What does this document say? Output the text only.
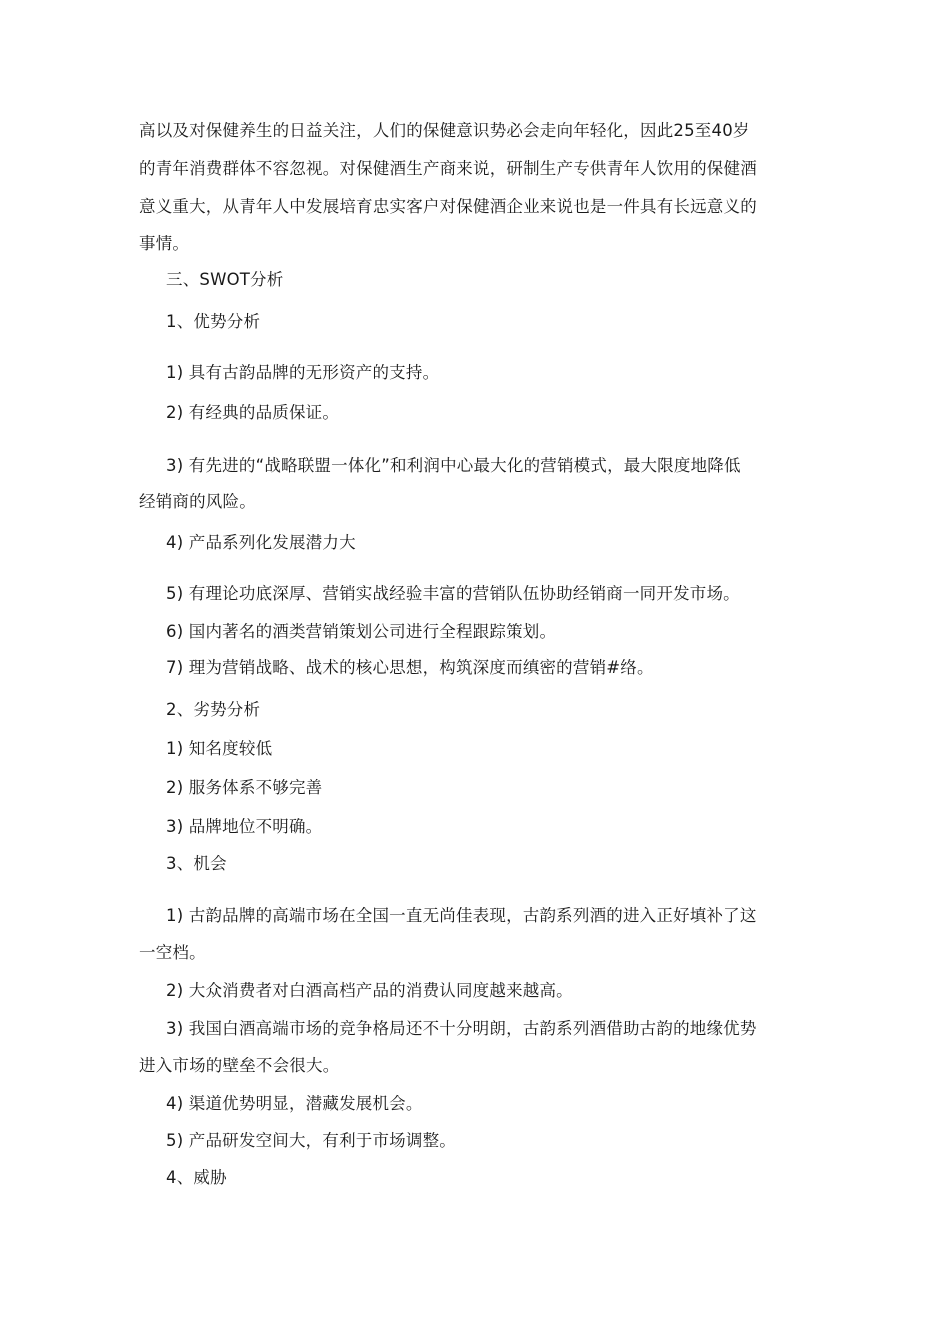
高以及对保健养生的日益关注，人们的保健意识势必会走向年轻化，因此25至40岁
的青年消费群体不容忽视。对保健酒生产商来说，研制生产专供青年人饮用的保健酒
意义重大，从青年人中发展培育忠实客户对保健酒企业来说也是一件具有长远意义的
事情。
三、SWOT分析
1、优势分析
1) 具有古韵品牌的无形资产的支持。
2) 有经典的品质保证。
3) 有先进的“战略联盟一体化”和利润中心最大化的营销模式，最大限度地降低
经销商的风险。
4) 产品系列化发展潜力大
5) 有理论功底深厚、营销实战经验丰富的营销队伍协助经销商一同开发市场。
6) 国内著名的酒类营销策划公司进行全程跟踪策划。
7) 理为营销战略、战术的核心思想，构筑深度而缜密的营销#络。
2、劣势分析
1) 知名度较低
2) 服务体系不够完善
3) 品牌地位不明确。
3、机会
1) 古韵品牌的高端市场在全国一直无尚佳表现，古韵系列酒的进入正好填补了这
一空档。
2) 大众消费者对白酒高档产品的消费认同度越来越高。
3) 我国白酒高端市场的竞争格局还不十分明朗，古韵系列酒借助古韵的地缘优势
进入市场的壁垒不会很大。
4) 渠道优势明显，潜藏发展机会。
5) 产品研发空间大，有利于市场调整。
4、威胁
